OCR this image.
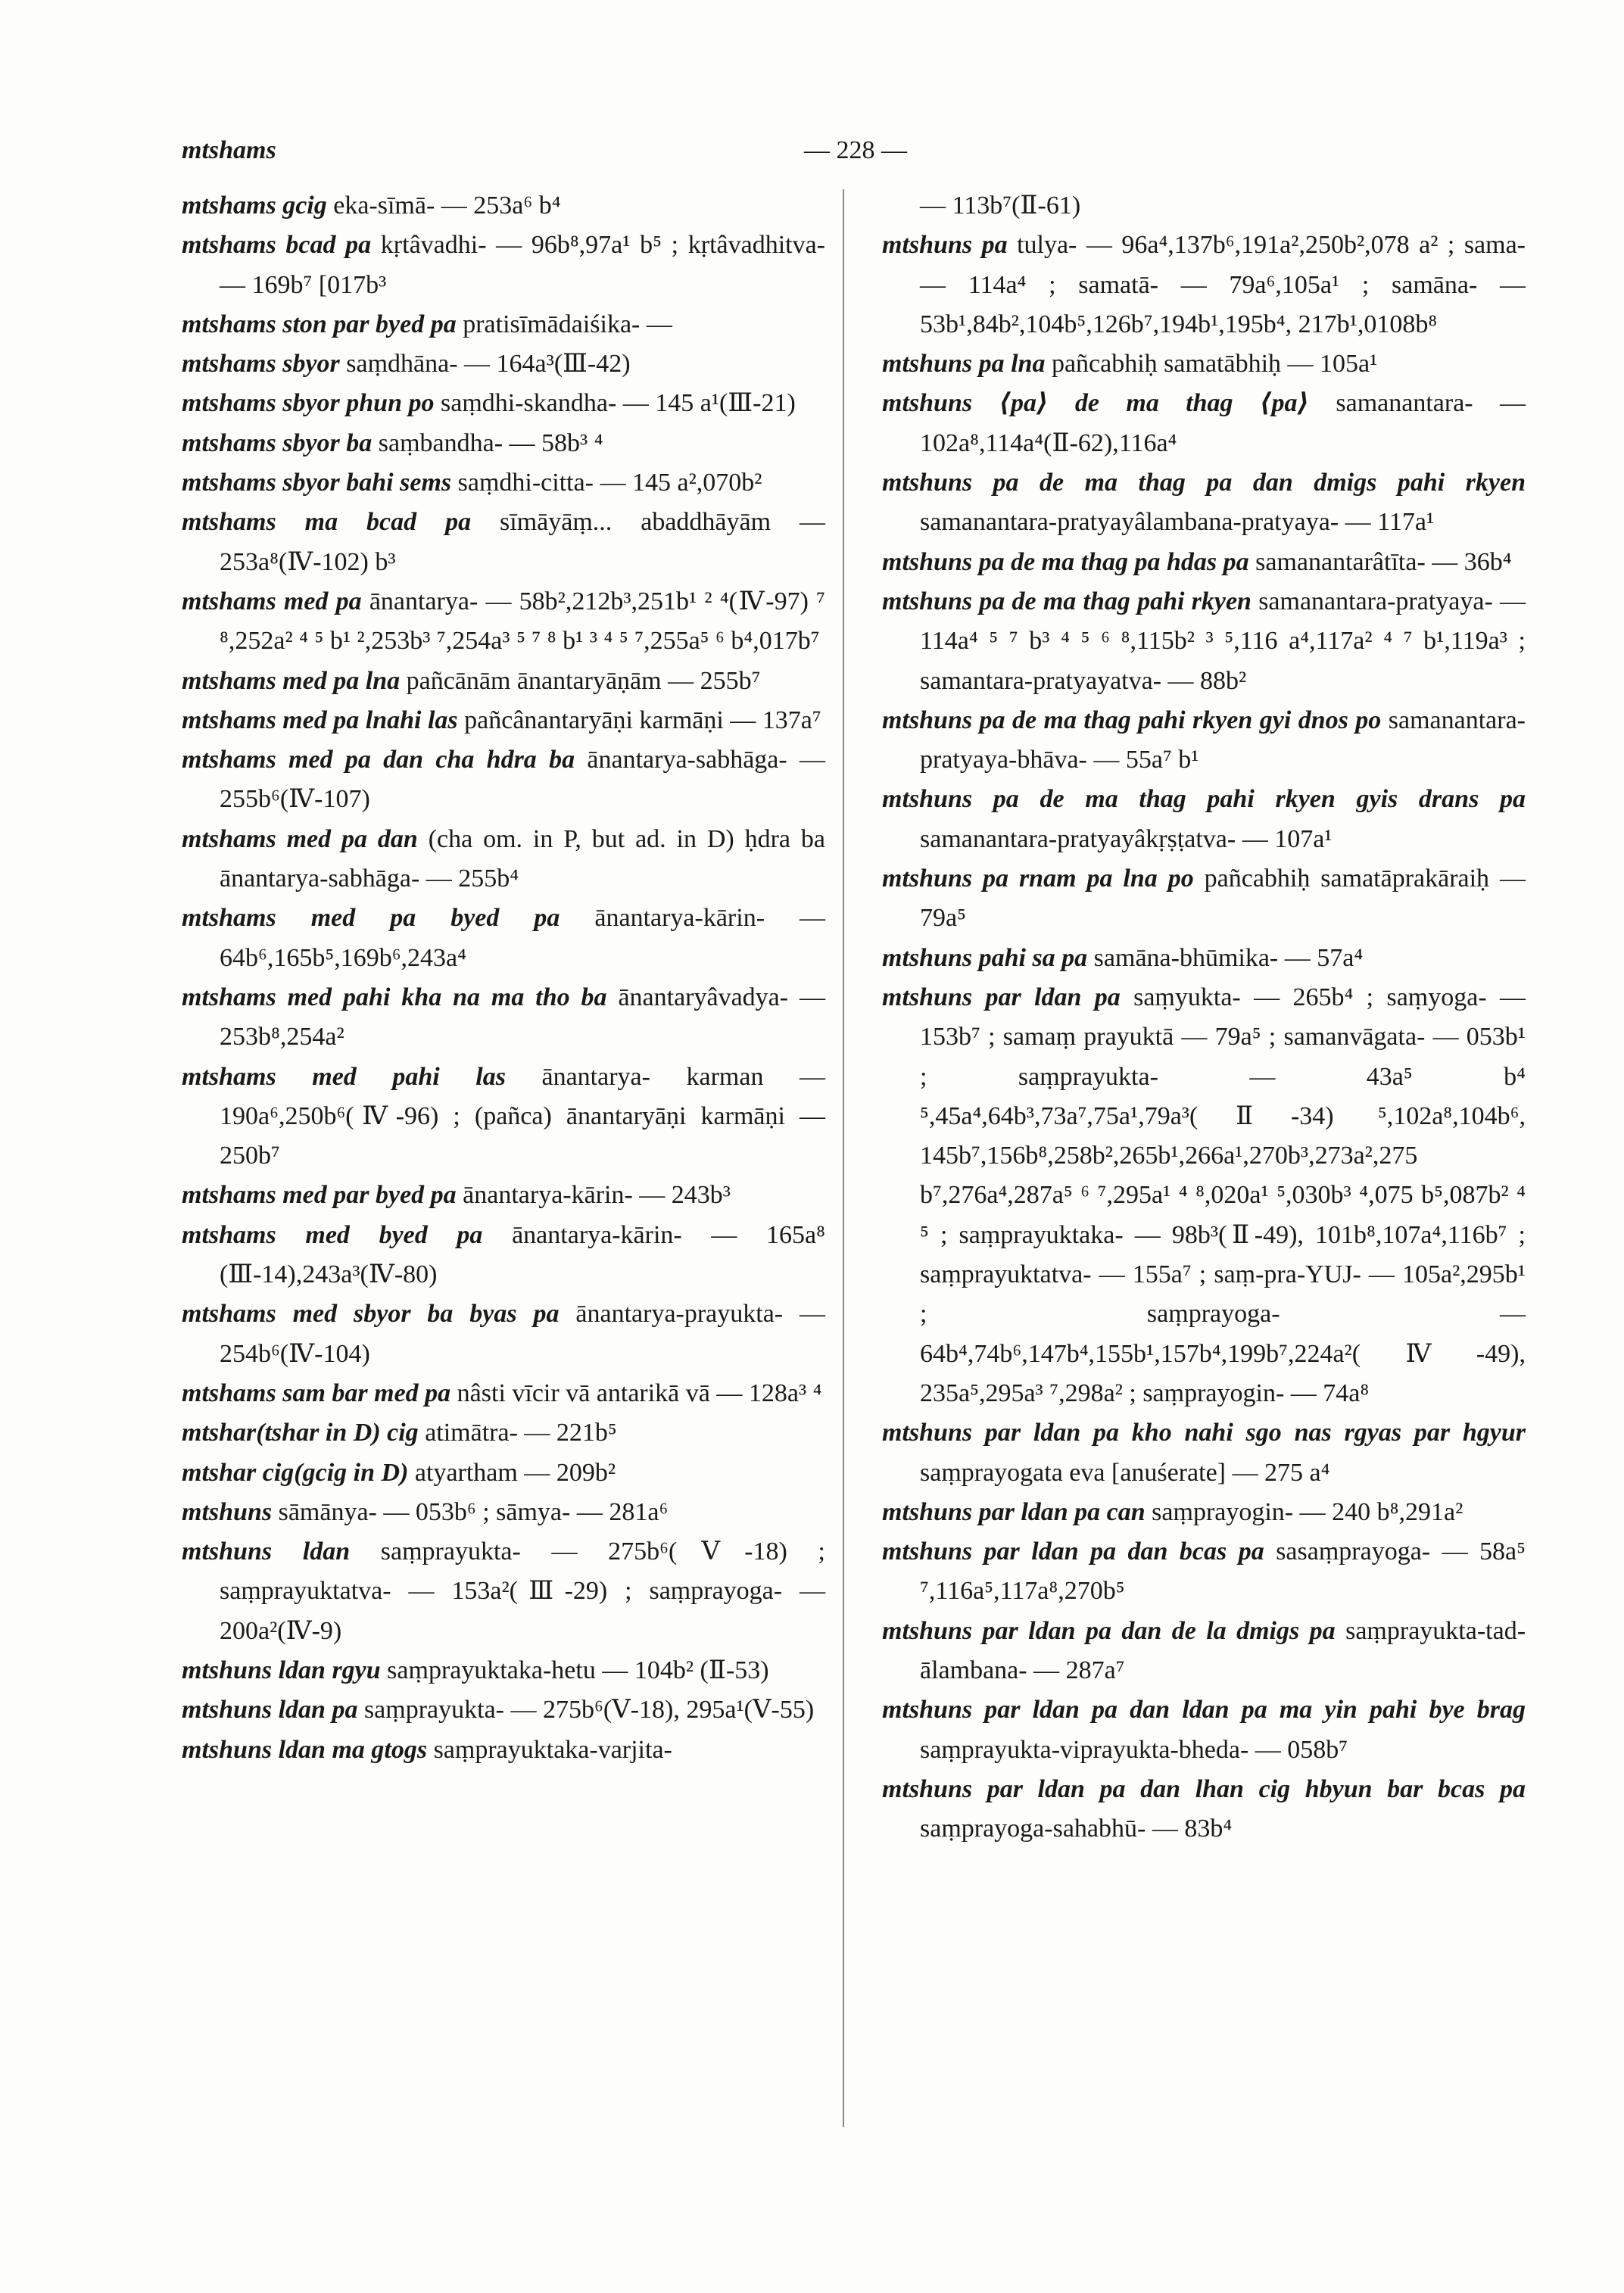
mtshams	— 228 —
mtshams gcig eka-sīmā- — 253a⁶ b⁴
mtshams bcad pa kṛtâvadhi- — 96b⁸,97a¹ b⁵ ; kṛtâvadhitva- — 169b⁷ [017b³
mtshams ston par byed pa pratisīmādaiśika- —
mtshams sbyor saṃdhāna- — 164a³(Ⅲ-42)
mtshams sbyor phun po saṃdhi-skandha- — 145 a¹(Ⅲ-21)
mtshams sbyor ba saṃbandha- — 58b³ ⁴
mtshams sbyor bahi sems saṃdhi-citta- — 145 a²,070b²
mtshams ma bcad pa sīmāyāṃ... abaddhāyām — 253a⁸(Ⅳ-102) b³
mtshams med pa ānantarya- — 58b²,212b³,251b¹ ² ⁴(Ⅳ-97) ⁷ ⁸,252a² ⁴ ⁵ b¹ ²,253b³ ⁷,254a³ ⁵ ⁷ ⁸ b¹ ³ ⁴ ⁵ ⁷,255a⁵ ⁶ b⁴,017b⁷
mtshams med pa lna pañcānām ānantaryāṇām — 255b⁷
mtshams med pa lnahi las pañcânantaryāṇi karmāṇi — 137a⁷
mtshams med pa dan cha hdra ba ānantarya-sabhāga- — 255b⁶(Ⅳ-107)
mtshams med pa dan (cha om. in P, but ad. in D) ḥdra ba ānantarya-sabhāga- — 255b⁴
mtshams med pa byed pa ānantarya-kārin- — 64b⁶,165b⁵,169b⁶,243a⁴
mtshams med pahi kha na ma tho ba ānantaryâvadya- — 253b⁸,254a²
mtshams med pahi las ānantarya- karman — 190a⁶,250b⁶(Ⅳ-96) ; (pañca) ānantaryāṇi karmāṇi — 250b⁷
mtshams med par byed pa ānantarya-kārin- — 243b³
mtshams med byed pa ānantarya-kārin- — 165a⁸ (Ⅲ-14),243a³(Ⅳ-80)
mtshams med sbyor ba byas pa ānantarya-prayukta- — 254b⁶(Ⅳ-104)
mtshams sam bar med pa nâsti vīcir vā antarikā vā — 128a³ ⁴
mtshar(tshar in D) cig atimātra- — 221b⁵
mtshar cig(gcig in D) atyartham — 209b²
mtshuns sāmānya- — 053b⁶ ; sāmya- — 281a⁶
mtshuns ldan saṃprayukta- — 275b⁶(Ⅴ-18) ; saṃprayuktatva- — 153a²(Ⅲ-29) ; saṃprayoga- — 200a²(Ⅳ-9)
mtshuns ldan rgyu saṃprayuktaka-hetu — 104b² (Ⅱ-53)
mtshuns ldan pa saṃprayukta- — 275b⁶(Ⅴ-18), 295a¹(Ⅴ-55)
mtshuns ldan ma gtogs saṃprayuktaka-varjita-
— 113b⁷(Ⅱ-61)
mtshuns pa tulya- — 96a⁴,137b⁶,191a²,250b²,078 a² ; sama- — 114a⁴ ; samatā- — 79a⁶,105a¹ ; samāna- — 53b¹,84b²,104b⁵,126b⁷,194b¹,195b⁴, 217b¹,0108b⁸
mtshuns pa lna pañcabhiḥ samatābhiḥ — 105a¹
mtshuns ⟨pa⟩ de ma thag ⟨pa⟩ samanantara- — 102a⁸,114a⁴(Ⅱ-62),116a⁴
mtshuns pa de ma thag pa dan dmigs pahi rkyen samanantara-pratyayâlambana-pratyaya- — 117a¹
mtshuns pa de ma thag pa hdas pa samanantarâtīta- — 36b⁴
mtshuns pa de ma thag pahi rkyen samanantara-pratyaya- — 114a⁴ ⁵ ⁷ b³ ⁴ ⁵ ⁶ ⁸,115b² ³ ⁵,116 a⁴,117a² ⁴ ⁷ b¹,119a³ ; samantara-pratyayatva- — 88b²
mtshuns pa de ma thag pahi rkyen gyi dnos po samanantara-pratyaya-bhāva- — 55a⁷ b¹
mtshuns pa de ma thag pahi rkyen gyis drans pa samanantara-pratyayâkṛṣṭatva- — 107a¹
mtshuns pa rnam pa lna po pañcabhiḥ samatāprakāraiḥ — 79a⁵
mtshuns pahi sa pa samāna-bhūmika- — 57a⁴
mtshuns par ldan pa saṃyukta- — 265b⁴ ; saṃyoga- — 153b⁷ ; samaṃ prayuktā — 79a⁵ ; samanvāgata- — 053b¹ ; saṃprayukta- — 43a⁵ b⁴ ⁵,45a⁴,64b³,73a⁷,75a¹,79a³(Ⅱ-34) ⁵,102a⁸,104b⁶, 145b⁷,156b⁸,258b²,265b¹,266a¹,270b³,273a²,275 b⁷,276a⁴,287a⁵ ⁶ ⁷,295a¹ ⁴ ⁸,020a¹ ⁵,030b³ ⁴,075 b⁵,087b² ⁴ ⁵ ; saṃprayuktaka- — 98b³(Ⅱ-49), 101b⁸,107a⁴,116b⁷ ; saṃprayuktatva- — 155a⁷ ; saṃ-pra-YUJ- — 105a²,295b¹ ; saṃprayoga- — 64b⁴,74b⁶,147b⁴,155b¹,157b⁴,199b⁷,224a²(Ⅳ-49), 235a⁵,295a³ ⁷,298a² ; saṃprayogin- — 74a⁸
mtshuns par ldan pa kho nahi sgo nas rgyas par hgyur saṃprayogata eva [anuśerate] — 275 a⁴
mtshuns par ldan pa can saṃprayogin- — 240 b⁸,291a²
mtshuns par ldan pa dan bcas pa sasaṃprayoga- — 58a⁵ ⁷,116a⁵,117a⁸,270b⁵
mtshuns par ldan pa dan de la dmigs pa saṃprayukta-tad-ālambana- — 287a⁷
mtshuns par ldan pa dan ldan pa ma yin pahi bye brag saṃprayukta-viprayukta-bheda- — 058b⁷
mtshuns par ldan pa dan lhan cig hbyun bar bcas pa saṃprayoga-sahabhū- — 83b⁴
